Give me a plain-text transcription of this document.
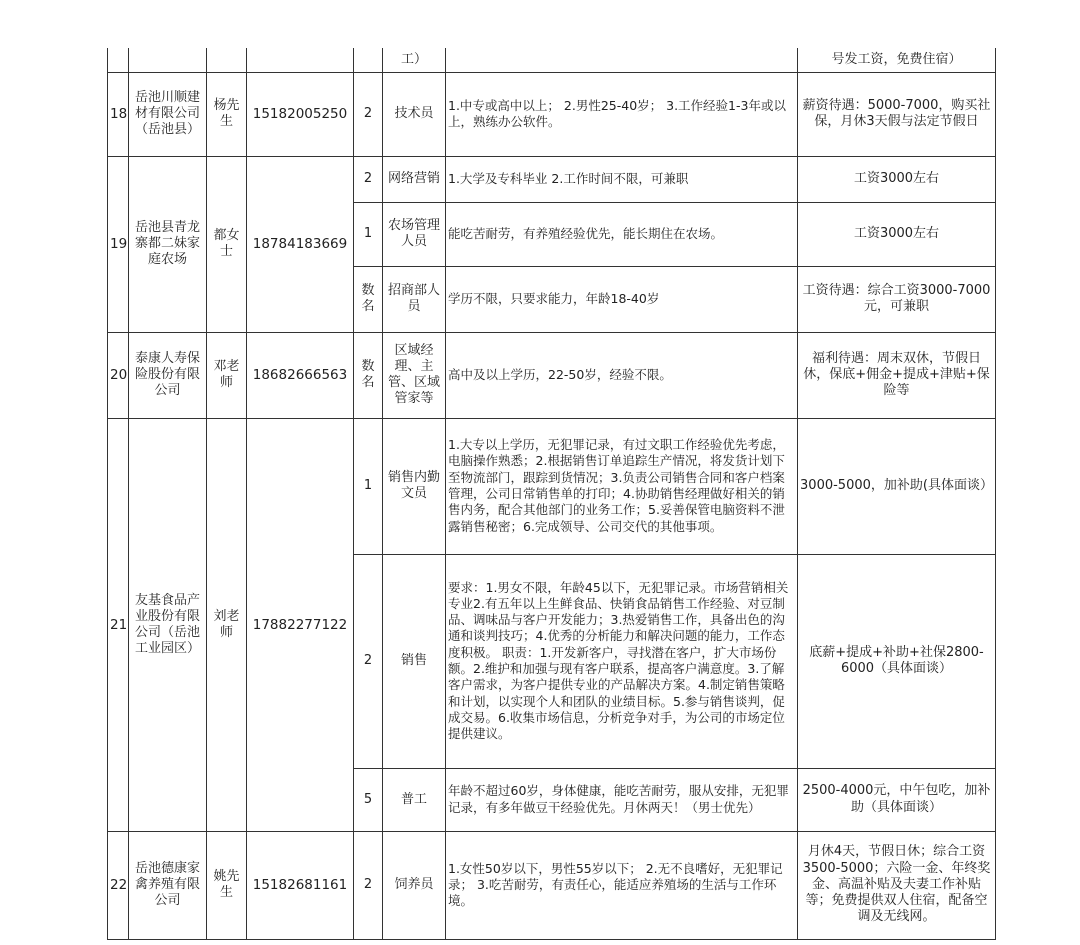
					工）		号发工资，免费住宿）
18	岳池川顺建材有限公司（岳池县）	杨先生	15182005250	2	技术员	1.中专或高中以上； 2.男性25-40岁； 3.工作经验1-3年或以上，熟练办公软件。	薪资待遇：5000-7000，购买社保，月休3天假与法定节假日
19	岳池县青龙寨都二妹家庭农场	都女士	18784183669	2	网络营销	1.大学及专科毕业 2.工作时间不限，可兼职	工资3000左右
				1	农场管理人员	能吃苦耐劳，有养殖经验优先，能长期住在农场。	工资3000左右
				数名	招商部人员	学历不限，只要求能力，年龄18-40岁	工资待遇：综合工资3000-7000元，可兼职
20	泰康人寿保险股份有限公司	邓老师	18682666563	数名	区域经理、主管、区域管家等	高中及以上学历，22-50岁，经验不限。	福利待遇：周末双休，节假日休，保底+佣金+提成+津贴+保险等
21	友基食品产业股份有限公司（岳池工业园区）	刘老师	17882277122	1	销售内勤文员	1.大专以上学历，无犯罪记录，有过文职工作经验优先考虑，电脑操作熟悉；2.根据销售订单追踪生产情况，将发货计划下至物流部门，跟踪到货情况；3.负责公司销售合同和客户档案管理，公司日常销售单的打印；4.协助销售经理做好相关的销售内务，配合其他部门的业务工作；5.妥善保管电脑资料不泄露销售秘密；6.完成领导、公司交代的其他事项。	3000-5000，加补助(具体面谈）
				2	销售	要求：1.男女不限，年龄45以下，无犯罪记录。市场营销相关专业2.有五年以上生鲜食品、快销食品销售工作经验、对豆制品、调味品与客户开发能力；3.热爱销售工作，具备出色的沟通和谈判技巧；4.优秀的分析能力和解决问题的能力，工作态度积极。 职责：1.开发新客户，寻找潜在客户，扩大市场份额。2.维护和加强与现有客户联系，提高客户满意度。3.了解客户需求，为客户提供专业的产品解决方案。4.制定销售策略和计划，以实现个人和团队的业绩目标。5.参与销售谈判，促成交易。6.收集市场信息，分析竞争对手，为公司的市场定位提供建议。	底薪+提成+补助+社保2800-6000（具体面谈）
				5	普工	年龄不超过60岁，身体健康，能吃苦耐劳，服从安排，无犯罪记录，有多年做豆干经验优先。月休两天！（男士优先）	2500-4000元，中午包吃，加补助（具体面谈）
22	岳池德康家禽养殖有限公司	姚先生	15182681161	2	饲养员	1.女性50岁以下，男性55岁以下； 2.无不良嗜好，无犯罪记录； 3.吃苦耐劳，有责任心，能适应养殖场的生活与工作环境。	月休4天，节假日休；综合工资3500-5000；六险一金、年终奖金、高温补贴及夫妻工作补贴等；免费提供双人住宿，配备空调及无线网。
